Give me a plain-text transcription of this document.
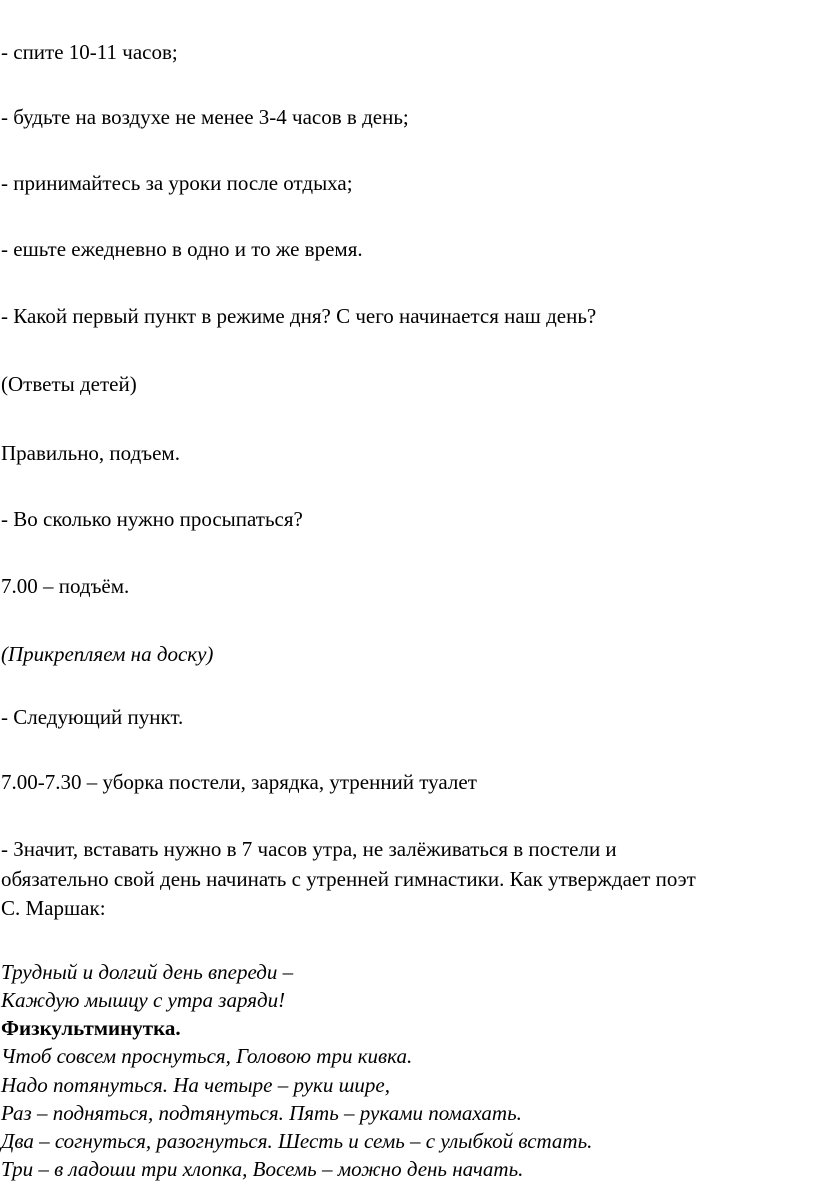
- спите 10-11 часов;
- будьте на воздухе не менее 3-4 часов в день;
- принимайтесь за уроки после отдыха;
- ешьте ежедневно в одно и то же время.
- Какой первый пункт в режиме дня? С чего начинается наш день?
(Ответы детей)
Правильно, подъем.
- Во сколько нужно просыпаться?
7.00 – подъём.
(Прикрепляем на доску)
- Следующий пункт.
7.00-7.30 – уборка постели, зарядка, утренний туалет
- Значит, вставать нужно в 7 часов утра, не залёживаться в постели и
обязательно свой день начинать с утренней гимнастики. Как утверждает поэт
С. Маршак:
Трудный и долгий день впереди –
Каждую мышцу с утра заряди!
Физкультминутка.
Чтоб совсем проснуться, Головою три кивка.
Надо потянуться. На четыре – руки шире,
Раз – подняться, подтянуться. Пять – руками помахать.
Два – согнуться, разогнуться. Шесть и семь – с улыбкой встать.
Три – в ладоши три хлопка, Восемь – можно день начать.
